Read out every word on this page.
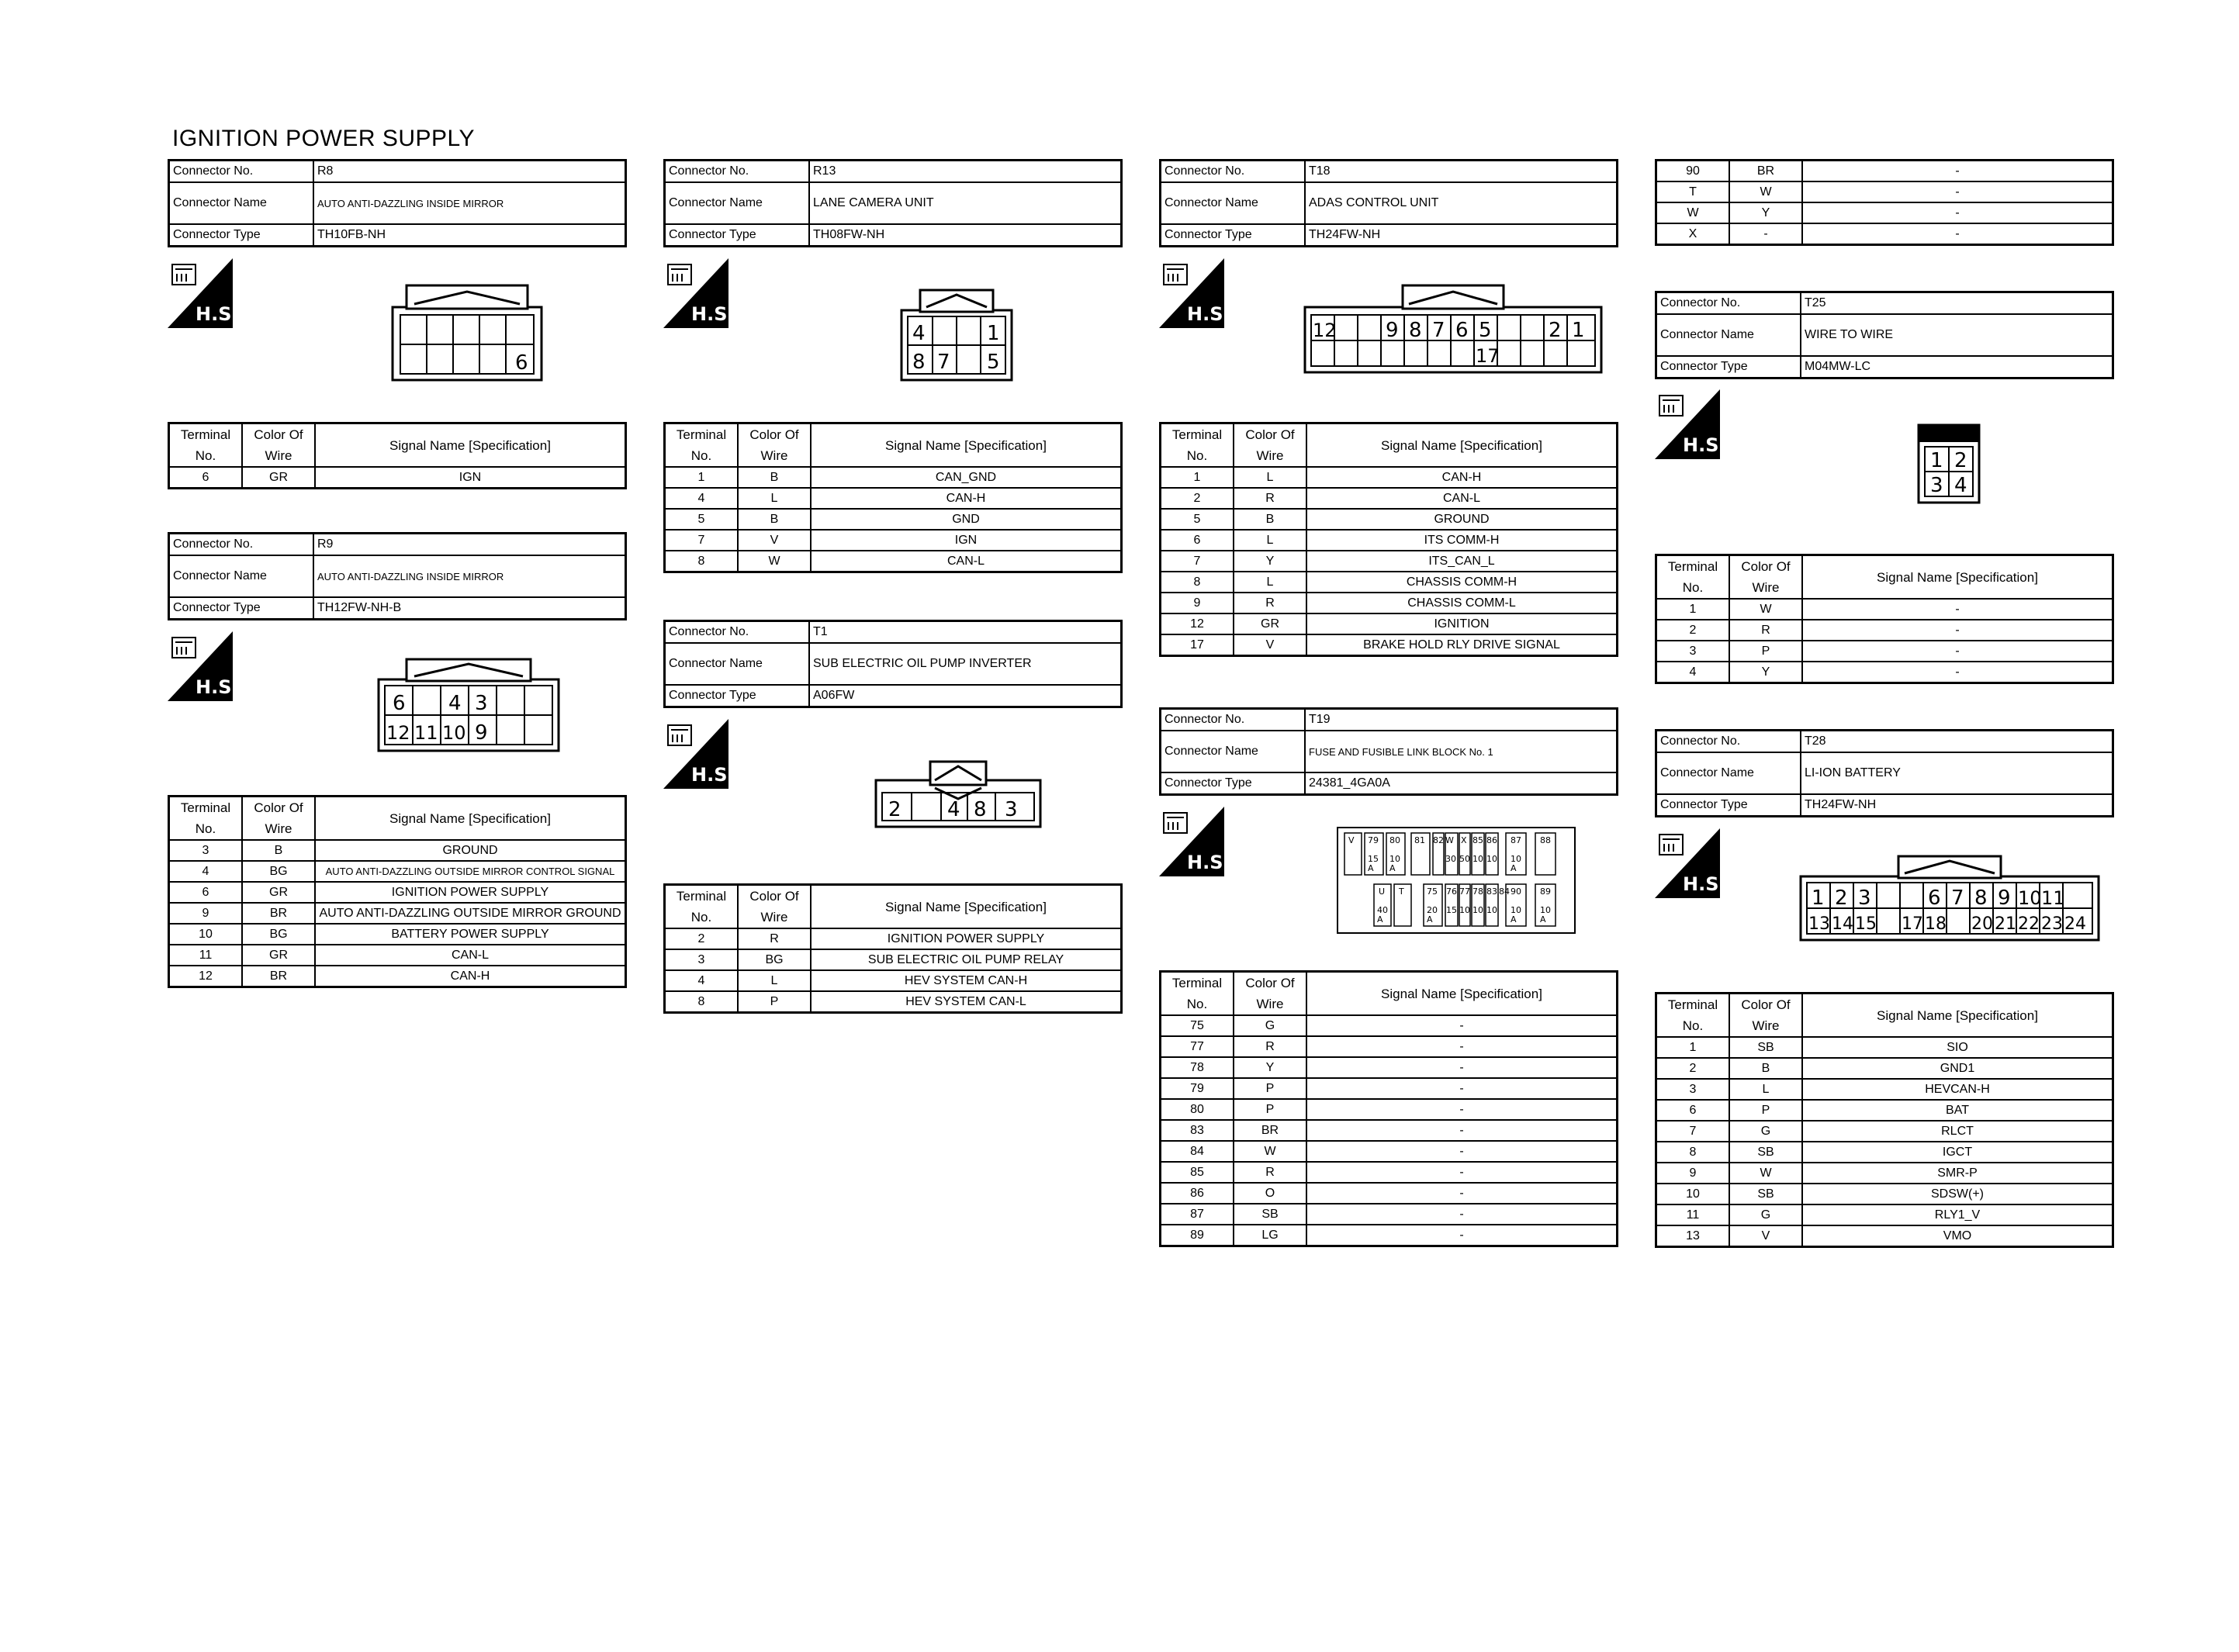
IGNITION POWER SUPPLY
Connector No.	R8
Connector Name	AUTO ANTI-DAZZLING INSIDE MIRROR
Connector Type	TH10FB-NH
H.S.
6
Terminal
No.	Color Of
Wire	Signal Name [Specification]
6	GR	IGN
Connector No.	R9
Connector Name	AUTO ANTI-DAZZLING INSIDE MIRROR
Connector Type	TH12FW-NH-B
H.S.
6 4 3
12 11 10 9
Terminal
No.	Color Of
Wire	Signal Name [Specification]
3	B	GROUND
4	BG	AUTO ANTI-DAZZLING OUTSIDE MIRROR CONTROL SIGNAL
6	GR	IGNITION POWER SUPPLY
9	BR	AUTO ANTI-DAZZLING OUTSIDE MIRROR GROUND
10	BG	BATTERY POWER SUPPLY
11	GR	CAN-L
12	BR	CAN-H
Connector No.	R13
Connector Name	LANE CAMERA UNIT
Connector Type	TH08FW-NH
H.S.
4	1
8 7 5
Terminal
No.	Color Of
Wire	Signal Name [Specification]
1	B	CAN_GND
4	L	CAN-H
5	B	GND
7	V	IGN
8	W	CAN-L
Connector No.	T1
Connector Name	SUB ELECTRIC OIL PUMP INVERTER
Connector Type	A06FW
H.S.
2 4 8 3
Terminal
No.	Color Of
Wire	Signal Name [Specification]
2	R	IGNITION POWER SUPPLY
3	BG	SUB ELECTRIC OIL PUMP RELAY
4	L	HEV SYSTEM CAN-H
8	P	HEV SYSTEM CAN-L
Connector No.	T18
Connector Name	ADAS CONTROL UNIT
Connector Type	TH24FW-NH
H.S.
12 9 8 7 6 5	2 1
17
Terminal
No.	Color Of
Wire	Signal Name [Specification]
1	L	CAN-H
2	R	CAN-L
5	B	GROUND
6	L	ITS COMM-H
7	Y	ITS_CAN_L
8	L	CHASSIS COMM-H
9	R	CHASSIS COMM-L
12	GR	IGNITION
17	V	BRAKE HOLD RLY DRIVE SIGNAL
Connector No.	T19
Connector Name	FUSE AND FUSIBLE LINK BLOCK No. 1
Connector Type	24381_4GA0A
H.S.
V 79 80 81 82 W X 85 86 87 88
15 A
10 A
30 50 10 10 10 A
U T	75 76 77 78 83 84 90 89
40 A
20 A
15 10 10 10 10 A
10 A
Terminal
No.	Color Of
Wire	Signal Name [Specification]
75	G	-
77	R	-
78	Y	-
79	P	-
80	P	-
83	BR	-
84	W	-
85	R	-
86	O	-
87	SB	-
89	LG	-
90	BR	-
T	W	-
W	Y	-
X	-	-
Connector No.	T25
Connector Name	WIRE TO WIRE
Connector Type	M04MW-LC
H.S.
1 2
3 4
Terminal
No.	Color Of
Wire	Signal Name [Specification]
1	W	-
2	R	-
3	P	-
4	Y	-
Connector No.	T28
Connector Name	LI-ION BATTERY
Connector Type	TH24FW-NH
H.S.
1 2 3	6 7 8 9 10 11
13 14 15 17 18 20 21 22 23 24
Terminal
No.	Color Of
Wire	Signal Name [Specification]
1	SB	SIO
2	B	GND1
3	L	HEVCAN-H
6	P	BAT
7	G	RLCT
8	SB	IGCT
9	W	SMR-P
10	SB	SDSW(+)
11	G	RLY1_V
13	V	VMO
